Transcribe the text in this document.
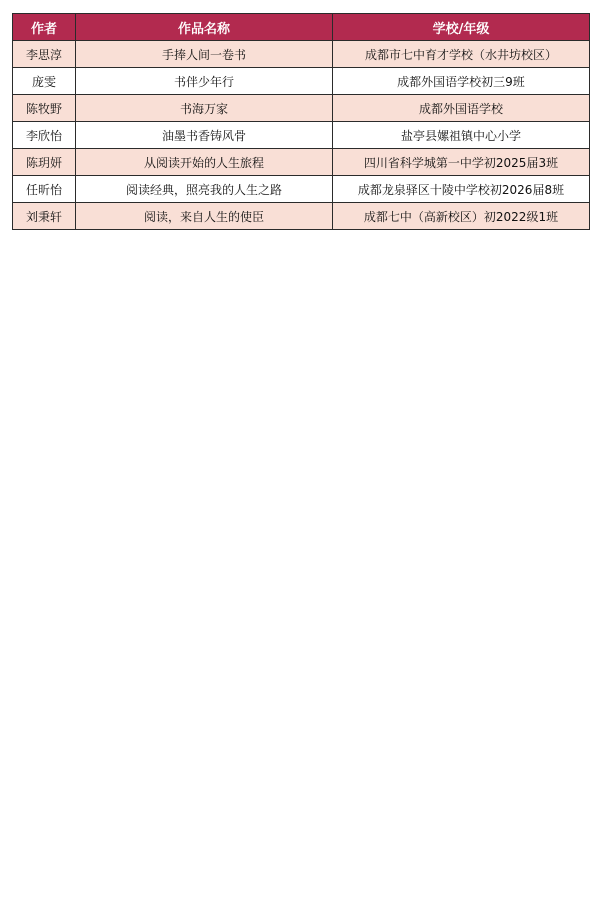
作者	作品名称	学校/年级
李思淳	手捧人间一卷书	成都市七中育才学校（水井坊校区）
庞雯	书伴少年行	成都外国语学校初三9班
陈牧野	书海万家	成都外国语学校
李欣怡	油墨书香铸风骨	盐亭县嫘祖镇中心小学
陈玥妍	从阅读开始的人生旅程	四川省科学城第一中学初2025届3班
任昕怡	阅读经典，照亮我的人生之路	成都龙泉驿区十陵中学校初2026届8班
刘秉轩	阅读，来自人生的使臣	成都七中（高新校区）初2022级1班
